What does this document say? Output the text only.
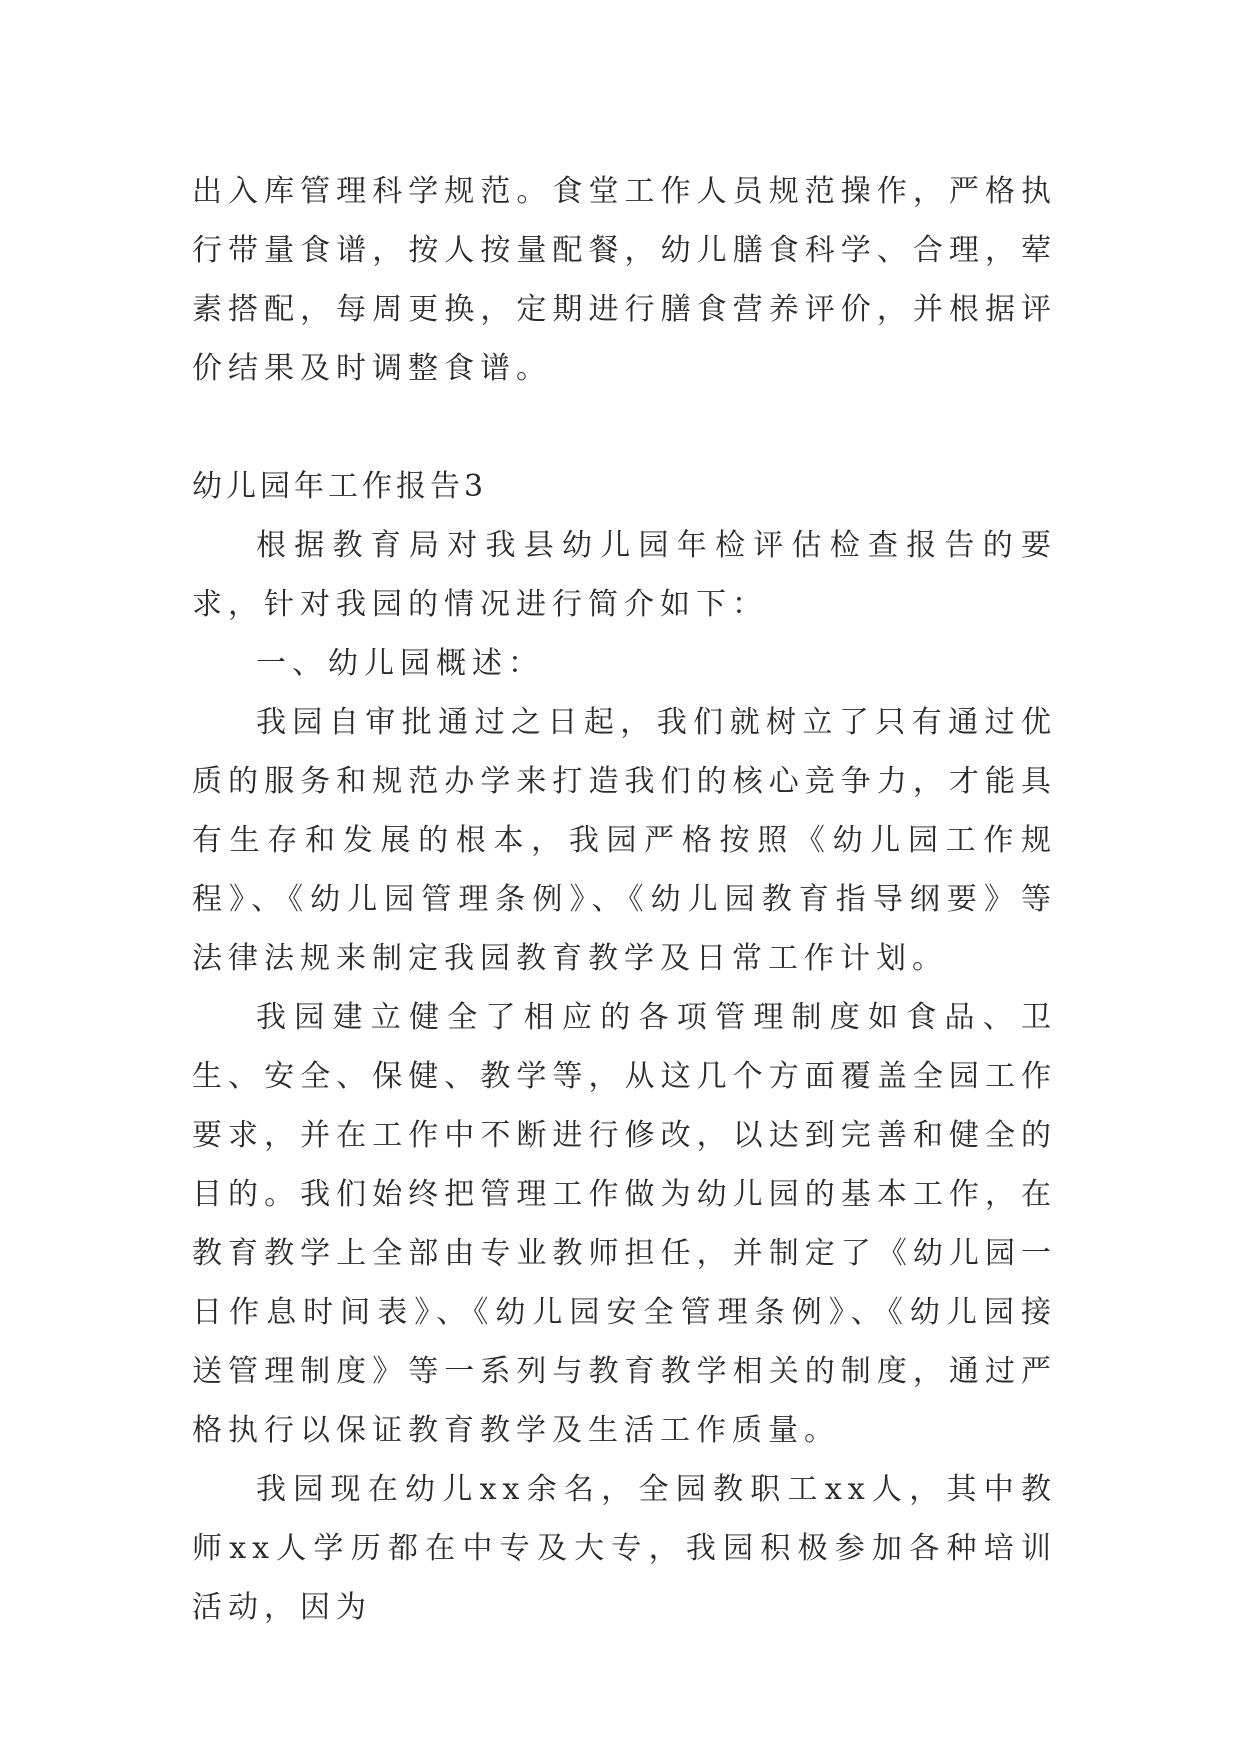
出入库管理科学规范。食堂工作人员规范操作，严格执行带量食谱，按人按量配餐，幼儿膳食科学、合理，荤素搭配，每周更换，定期进行膳食营养评价，并根据评价结果及时调整食谱。

幼儿园年工作报告3

根据教育局对我县幼儿园年检评估检查报告的要求，针对我园的情况进行简介如下：

一、幼儿园概述：

我园自审批通过之日起，我们就树立了只有通过优质的服务和规范办学来打造我们的核心竞争力，才能具有生存和发展的根本，我园严格按照《幼儿园工作规程》、《幼儿园管理条例》、《幼儿园教育指导纲要》等法律法规来制定我园教育教学及日常工作计划。

我园建立健全了相应的各项管理制度如食品、卫生、安全、保健、教学等，从这几个方面覆盖全园工作要求，并在工作中不断进行修改，以达到完善和健全的目的。我们始终把管理工作做为幼儿园的基本工作，在教育教学上全部由专业教师担任，并制定了《幼儿园一日作息时间表》、《幼儿园安全管理条例》、《幼儿园接送管理制度》等一系列与教育教学相关的制度，通过严格执行以保证教育教学及生活工作质量。

我园现在幼儿xx余名，全园教职工xx人，其中教师xx人学历都在中专及大专，我园积极参加各种培训活动，因为
